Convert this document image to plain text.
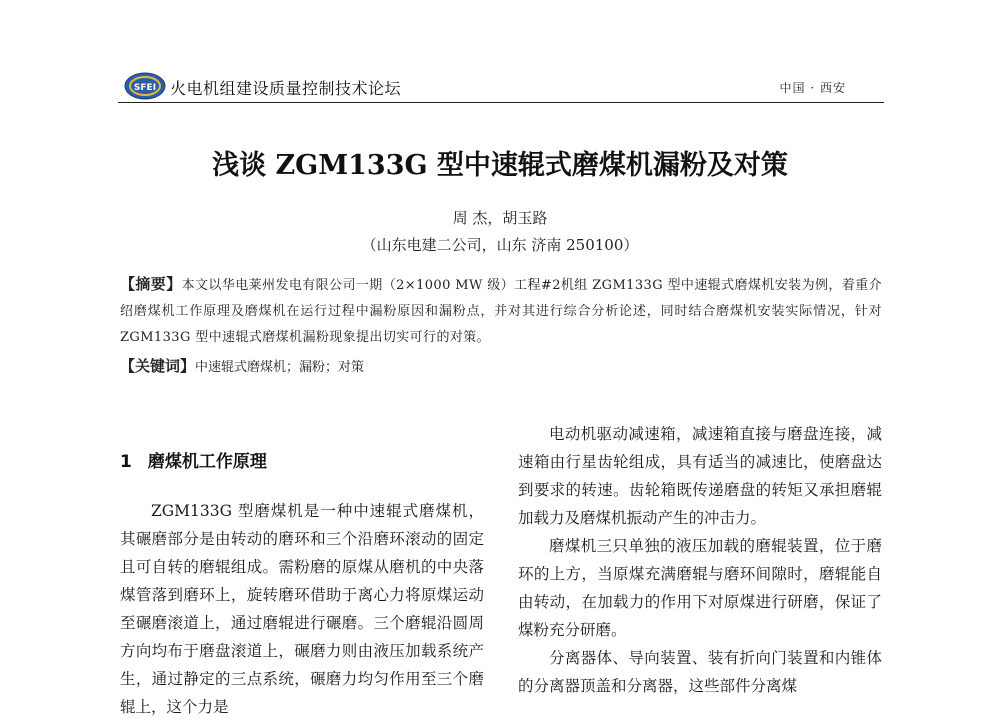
SFEI 火电机组建设质量控制技术论坛	中国 · 西安
浅谈 ZGM133G 型中速辊式磨煤机漏粉及对策
周 杰，胡玉路
（山东电建二公司，山东 济南 250100）
【摘要】本文以华电莱州发电有限公司一期（2×1000 MW 级）工程#2机组 ZGM133G 型中速辊式磨煤机安装为例，着重介绍磨煤机工作原理及磨煤机在运行过程中漏粉原因和漏粉点，并对其进行综合分析论述，同时结合磨煤机安装实际情况，针对 ZGM133G 型中速辊式磨煤机漏粉现象提出切实可行的对策。
【关键词】中速辊式磨煤机；漏粉；对策
1 磨煤机工作原理

ZGM133G 型磨煤机是一种中速辊式磨煤机，其碾磨部分是由转动的磨环和三个沿磨环滚动的固定且可自转的磨辊组成。需粉磨的原煤从磨机的中央落煤管落到磨环上，旋转磨环借助于离心力将原煤运动至碾磨滚道上，通过磨辊进行碾磨。三个磨辊沿圆周方向均布于磨盘滚道上，碾磨力则由液压加载系统产生，通过静定的三点系统，碾磨力均匀作用至三个磨辊上，这个力是

电动机驱动减速箱，减速箱直接与磨盘连接，减速箱由行星齿轮组成，具有适当的减速比，使磨盘达到要求的转速。齿轮箱既传递磨盘的转矩又承担磨辊加载力及磨煤机振动产生的冲击力。

磨煤机三只单独的液压加载的磨辊装置，位于磨环的上方，当原煤充满磨辊与磨环间隙时，磨辊能自由转动，在加载力的作用下对原煤进行研磨，保证了煤粉充分研磨。

分离器体、导向装置、装有折向门装置和内锥体的分离器顶盖和分离器，这些部件分离煤
